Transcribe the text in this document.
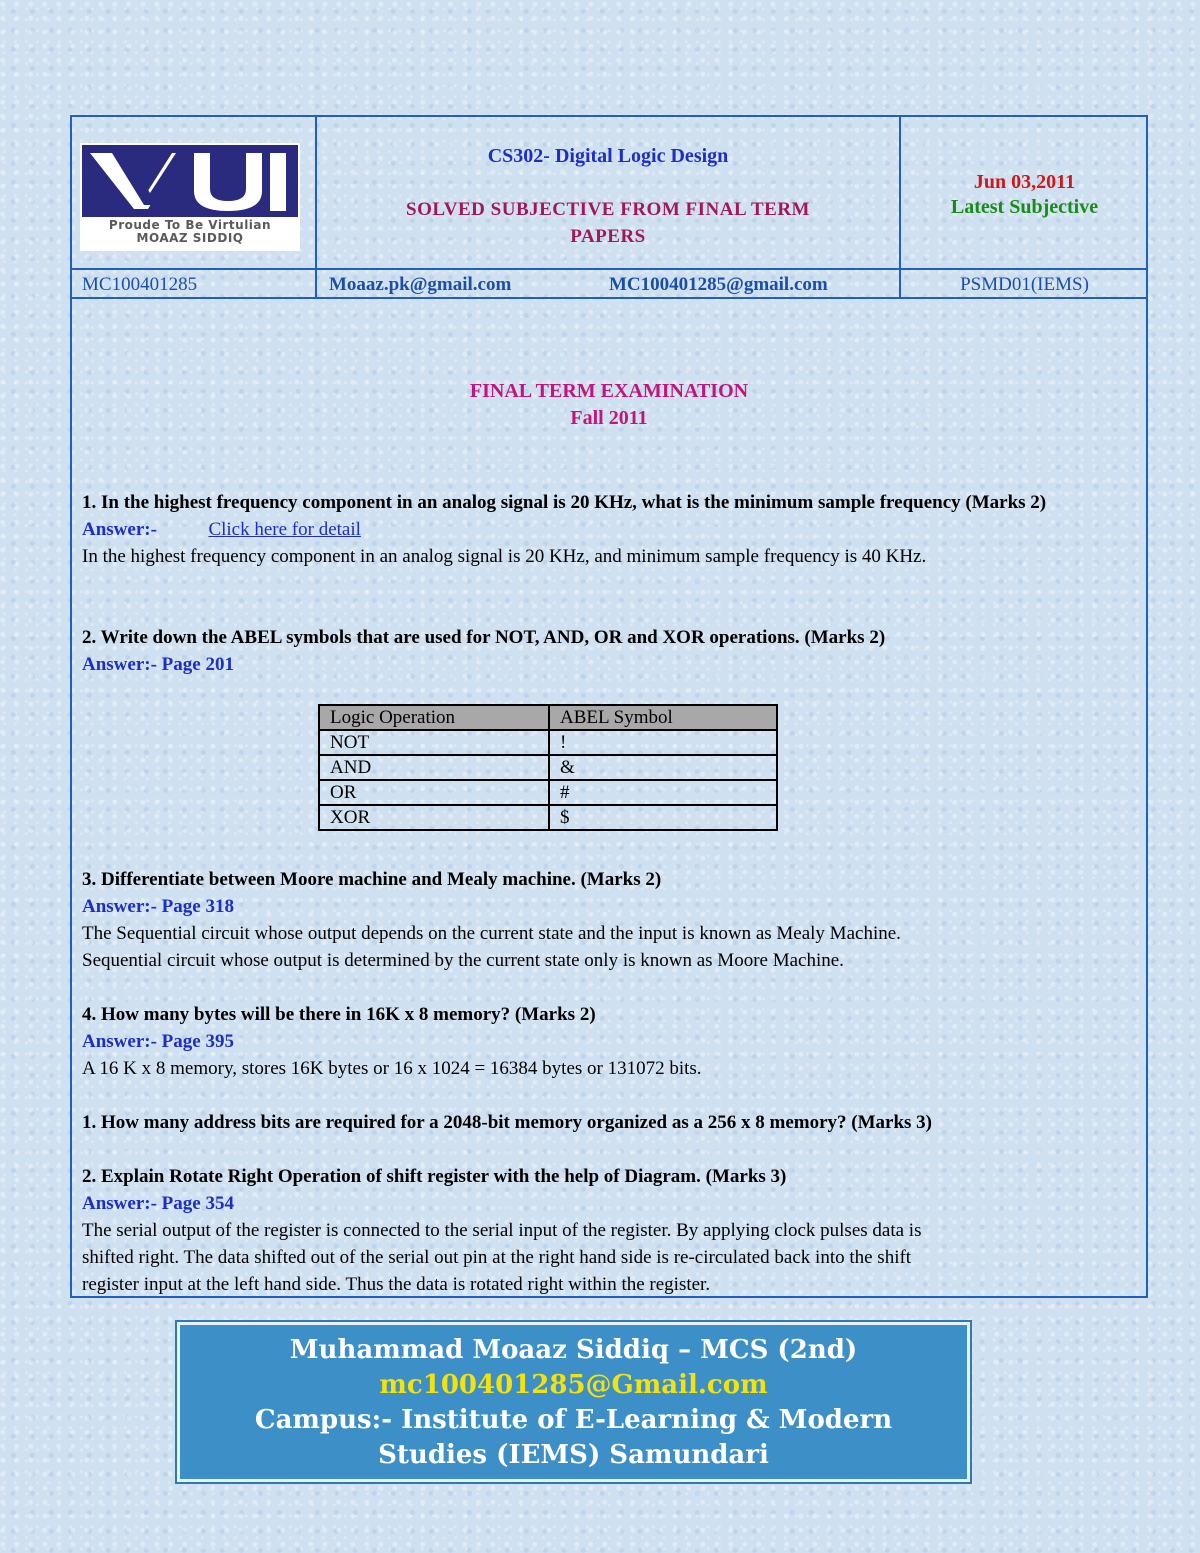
Proude To Be Virtulian
MOAAZ SIDDIQ
CS302- Digital Logic Design
SOLVED SUBJECTIVE FROM FINAL TERM
PAPERS
Jun 03,2011
Latest Subjective
MC100401285	Moaaz.pk@gmail.com	MC100401285@gmail.com	PSMD01(IEMS)
FINAL TERM EXAMINATION
Fall 2011
1. In the highest frequency component in an analog signal is 20 KHz, what is the minimum sample frequency (Marks 2)
Answer:-	Click here for detail
In the highest frequency component in an analog signal is 20 KHz, and minimum sample frequency is 40 KHz.
2. Write down the ABEL symbols that are used for NOT, AND, OR and XOR operations. (Marks 2)
Answer:- Page 201
Logic Operation	ABEL Symbol
NOT	!
AND	&
OR	#
XOR	$
3. Differentiate between Moore machine and Mealy machine. (Marks 2)
Answer:- Page 318
The Sequential circuit whose output depends on the current state and the input is known as Mealy Machine.
Sequential circuit whose output is determined by the current state only is known as Moore Machine.
4. How many bytes will be there in 16K x 8 memory? (Marks 2)
Answer:- Page 395
A 16 K x 8 memory, stores 16K bytes or 16 x 1024 = 16384 bytes or 131072 bits.
1. How many address bits are required for a 2048-bit memory organized as a 256 x 8 memory? (Marks 3)
2. Explain Rotate Right Operation of shift register with the help of Diagram. (Marks 3)
Answer:- Page 354
The serial output of the register is connected to the serial input of the register. By applying clock pulses data is
shifted right. The data shifted out of the serial out pin at the right hand side is re-circulated back into the shift
register input at the left hand side. Thus the data is rotated right within the register.
Muhammad Moaaz Siddiq – MCS (2nd)
mc100401285@Gmail.com
Campus:- Institute of E-Learning & Modern
Studies (IEMS) Samundari
